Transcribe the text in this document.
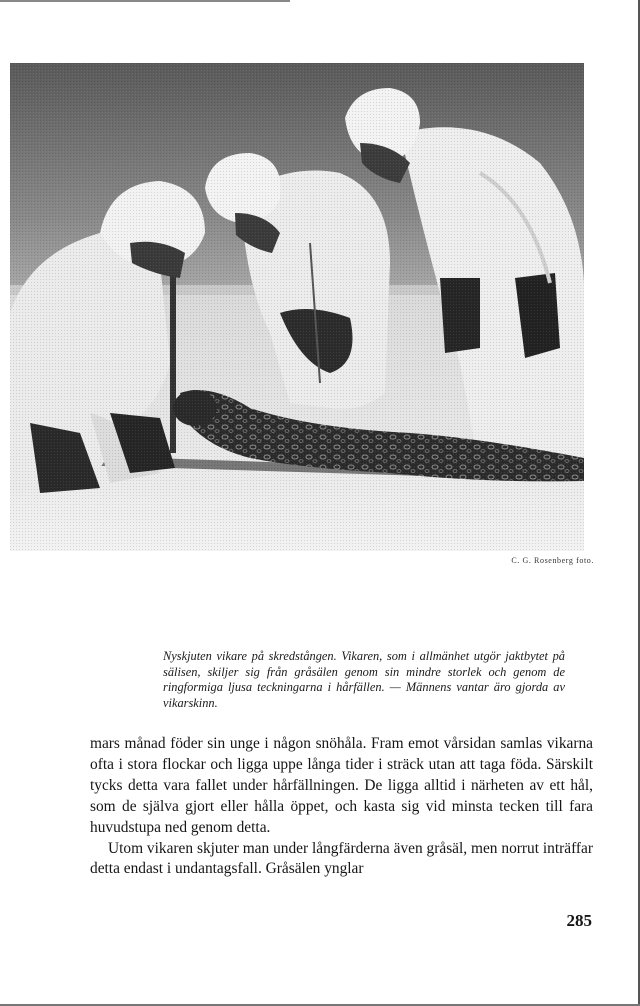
C. G. Rosenberg foto.
Nyskjuten vikare på skredstången. Vikaren, som i allmänhet utgör jaktbytet på sälisen, skiljer sig från gråsälen genom sin mindre storlek och genom de ringformiga ljusa teckningarna i hårfällen. — Männens vantar äro gjorda av vikarskinn.

mars månad föder sin unge i någon snöhåla. Fram emot vårsidan samlas vikarna ofta i stora flockar och ligga uppe långa tider i sträck utan att taga föda. Särskilt tycks detta vara fallet under hårfällningen. De ligga alltid i närheten av ett hål, som de själva gjort eller hålla öppet, och kasta sig vid minsta tecken till fara huvudstupa ned genom detta.

Utom vikaren skjuter man under långfärderna även gråsäl, men norrut inträffar detta endast i undantagsfall. Gråsälen ynglar

285
